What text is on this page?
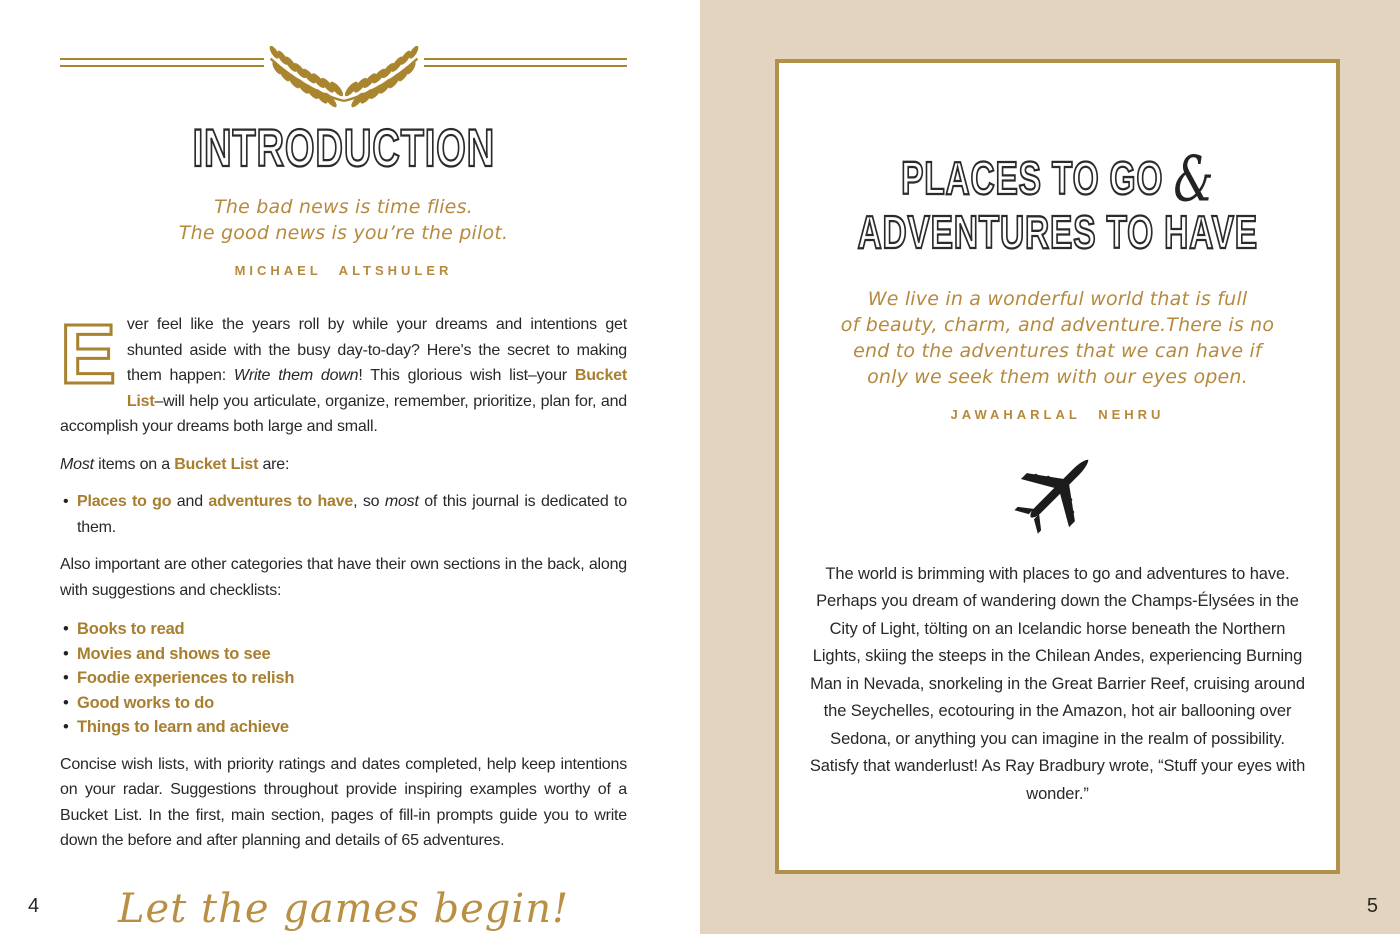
INTRODUCTION
The bad news is time flies.
The good news is you’re the pilot.
MICHAEL ALTSHULER

Ever feel like the years roll by while your dreams and intentions get shunted aside with the busy day-to-day? Here's the secret to making them happen: Write them down! This glorious wish list–your Bucket List–will help you articulate, organize, remember, prioritize, plan for, and accomplish your dreams both large and small.

Most items on a Bucket List are:

• Places to go and adventures to have, so most of this journal is dedicated to them.

Also important are other categories that have their own sections in the back, along with suggestions and checklists:

• Books to read
• Movies and shows to see
• Foodie experiences to relish
• Good works to do
• Things to learn and achieve

Concise wish lists, with priority ratings and dates completed, help keep intentions on your radar. Suggestions throughout provide inspiring examples worthy of a Bucket List. In the first, main section, pages of fill-in prompts guide you to write down the before and after planning and details of 65 adventures.

Let the games begin!
4
PLACES TO GO &
ADVENTURES TO HAVE
We live in a wonderful world that is full
of beauty, charm, and adventure.There is no
end to the adventures that we can have if
only we seek them with our eyes open.
JAWAHARLAL NEHRU

The world is brimming with places to go and adventures to have. Perhaps you dream of wandering down the Champs-Élysées in the City of Light, tölting on an Icelandic horse beneath the Northern Lights, skiing the steeps in the Chilean Andes, experiencing Burning Man in Nevada, snorkeling in the Great Barrier Reef, cruising around the Seychelles, ecotouring in the Amazon, hot air ballooning over Sedona, or anything you can imagine in the realm of possibility. Satisfy that wanderlust! As Ray Bradbury wrote, “Stuff your eyes with wonder.”

5
